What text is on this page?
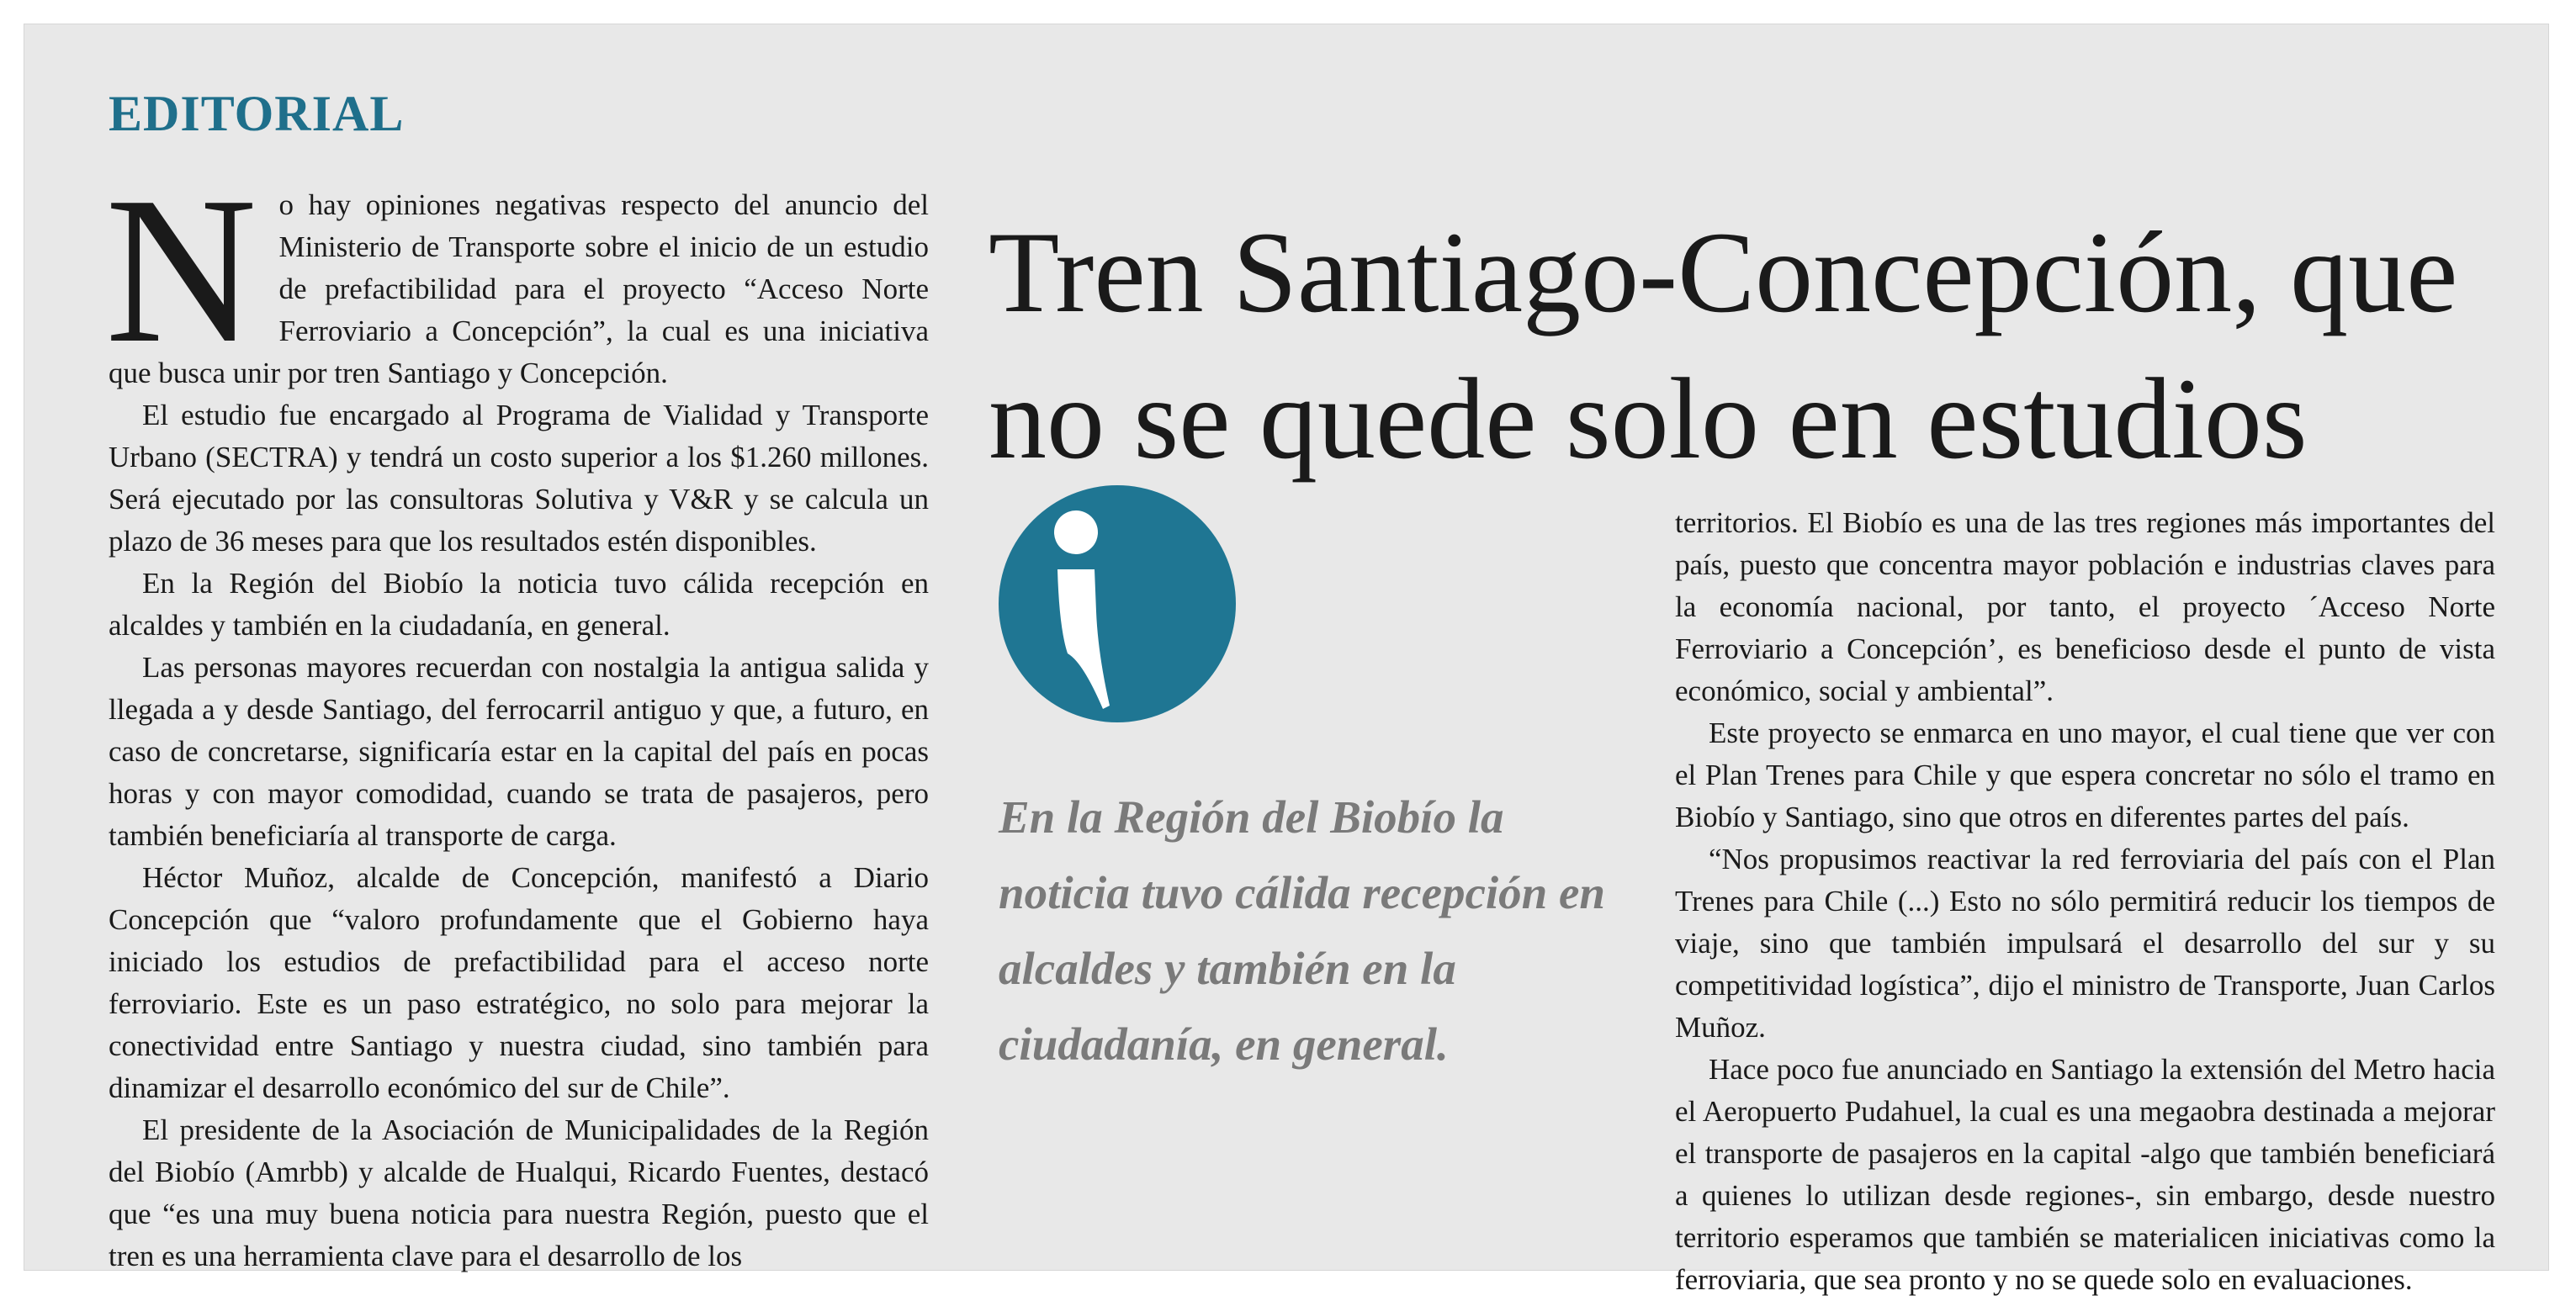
EDITORIAL

No hay opiniones negativas respecto del anuncio del Ministerio de Transporte sobre el inicio de un estudio de prefactibilidad para el proyecto “Acceso Norte Ferroviario a Concepción”, la cual es una iniciativa que busca unir por tren Santiago y Concepción.

El estudio fue encargado al Programa de Vialidad y Transporte Urbano (SECTRA) y tendrá un costo superior a los $1.260 millones. Será ejecutado por las consultoras Solutiva y V&R y se calcula un plazo de 36 meses para que los resultados estén disponibles.

En la Región del Biobío la noticia tuvo cálida recepción en alcaldes y también en la ciudadanía, en general.

Las personas mayores recuerdan con nostalgia la antigua salida y llegada a y desde Santiago, del ferrocarril antiguo y que, a futuro, en caso de concretarse, significaría estar en la capital del país en pocas horas y con mayor comodidad, cuando se trata de pasajeros, pero también beneficiaría al transporte de carga.

Héctor Muñoz, alcalde de Concepción, manifestó a Diario Concepción que “valoro profundamente que el Gobierno haya iniciado los estudios de prefactibilidad para el acceso norte ferroviario. Este es un paso estratégico, no solo para mejorar la conectividad entre Santiago y nuestra ciudad, sino también para dinamizar el desarrollo económico del sur de Chile”.

El presidente de la Asociación de Municipalidades de la Región del Biobío (Amrbb) y alcalde de Hualqui, Ricardo Fuentes, destacó que “es una muy buena noticia para nuestra Región, puesto que el tren es una herramienta clave para el desarrollo de los

Tren Santiago-Concepción, que no se quede solo en estudios

En la Región del Biobío la noticia tuvo cálida recepción en alcaldes y también en la ciudadanía, en general.

territorios. El Biobío es una de las tres regiones más importantes del país, puesto que concentra mayor población e industrias claves para la economía nacional, por tanto, el proyecto ´Acceso Norte Ferroviario a Concepción’, es beneficioso desde el punto de vista económico, social y ambiental”.

Este proyecto se enmarca en uno mayor, el cual tiene que ver con el Plan Trenes para Chile y que espera concretar no sólo el tramo en Biobío y Santiago, sino que otros en diferentes partes del país.

“Nos propusimos reactivar la red ferroviaria del país con el Plan Trenes para Chile (...) Esto no sólo permitirá reducir los tiempos de viaje, sino que también impulsará el desarrollo del sur y su competitividad logística”, dijo el ministro de Transporte, Juan Carlos Muñoz.

Hace poco fue anunciado en Santiago la extensión del Metro hacia el Aeropuerto Pudahuel, la cual es una megaobra destinada a mejorar el transporte de pasajeros en la capital -algo que también beneficiará a quienes lo utilizan desde regiones-, sin embargo, desde nuestro territorio esperamos que también se materialicen iniciativas como la ferroviaria, que sea pronto y no se quede solo en evaluaciones.
